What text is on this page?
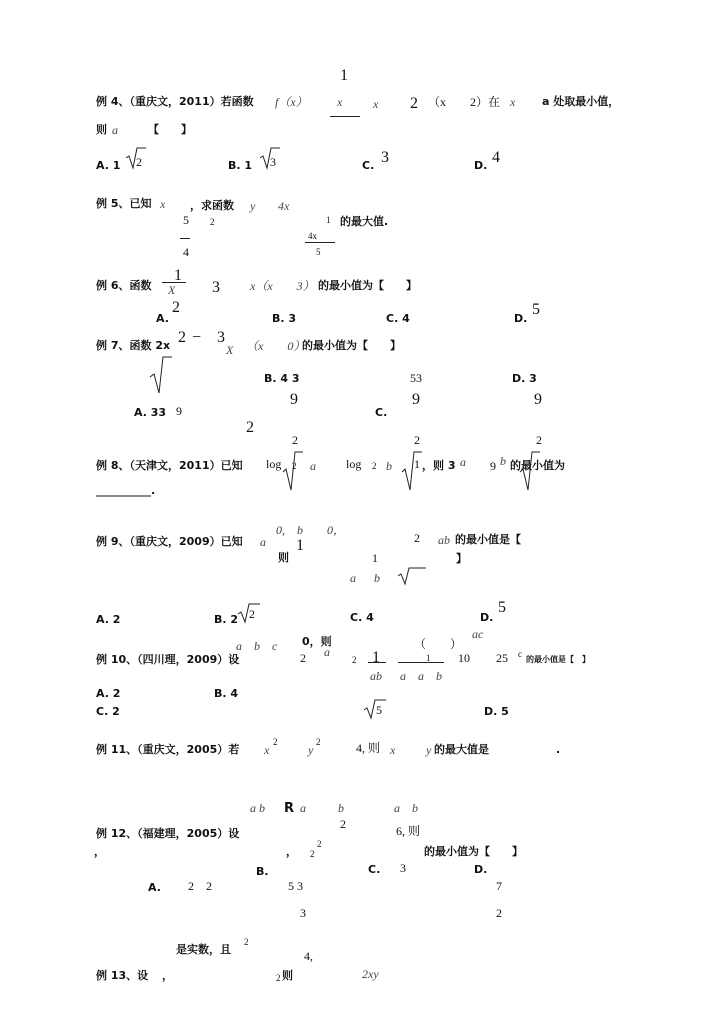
1
例 4、（重庆文，2011）若函数 f（x） x	x 2 （x　　2）在 x a 处取最小值，
则 a	【　　】
A. 1 2	B. 1 3	C. 3	D. 4
例 5、已知 x ，求函数 y 4x
5 2
4
1 的最大值.
4x
5
例 6、函数
1
X 3	x（x　　3） 的最小值为【　　】
2
A.	B. 3	C. 4	D.
5
例 7、函数 2x 2 −　3
X （x　　0）
的最小值为【　　】
B. 4 3	53	D. 3
9	9	9
A. 33 9	C.
2
2	2	2
例 8、（天津文，2011）已知 log 2 a	log 2 b 1 ，则 3 a 9 b 的最小值为
__________.
例 9、（重庆文，2009）已知 a
0,　b　　0，
则
1	2 ab 的最小值是【
1	】
a b
A. 2	B. 2 2	C. 4	D.
5
ac
a　b　c 0，则	（　　）
例 10、（四川理，2009）设	2 a
2 1	1 10 25 c
的最小值是【　】
ab a　a　b
A. 2	B. 4
C. 2	5	D. 5
例 11、（重庆文，2005）若 x
2
y
2	4, 则 x	y 的最大值是	.
a b R a	b	a　b
2	6, 则
例 12、（福建理，2005）设
，	， 2
2
的最小值为【　　】
B.	C. 3	D.
A. 2　2	5 3	7
3	2
是实数，且
2
4,
例 13、设 ，	2 则	2xy
